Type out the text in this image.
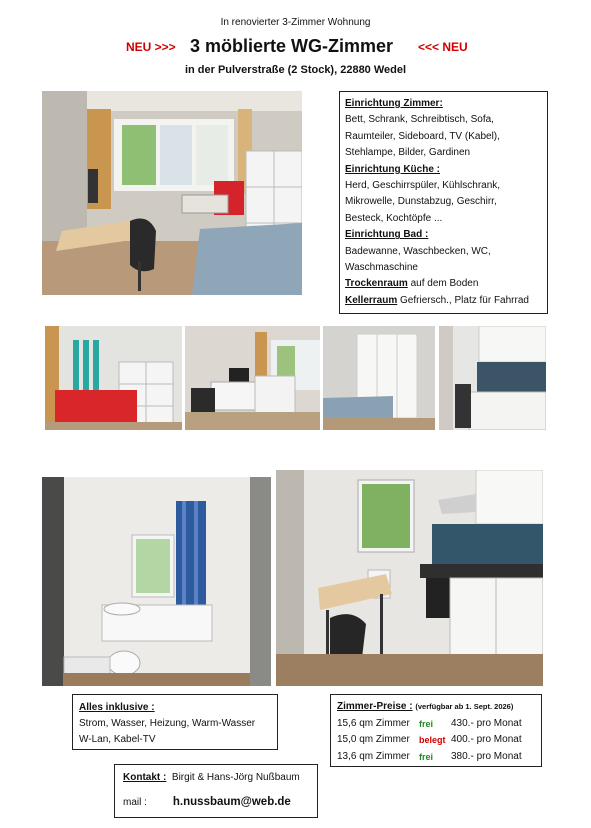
In renovierter 3-Zimmer Wohnung
NEU >>> 3 möblierte WG-Zimmer <<< NEU
in der Pulverstraße (2 Stock), 22880 Wedel
Einrichtung Zimmer:
Bett, Schrank, Schreibtisch, Sofa,
Raumteiler, Sideboard, TV (Kabel),
Stehlampe, Bilder, Gardinen
Einrichtung Küche :
Herd, Geschirrspüler, Kühlschrank,
Mikrowelle, Dunstabzug, Geschirr,
Besteck, Kochtöpfe ...
Einrichtung Bad :
Badewanne, Waschbecken, WC,
Waschmaschine
Trockenraum auf dem Boden
Kellerraum Gefriersch., Platz für Fahrrad
Alles inklusive :
Strom, Wasser, Heizung, Warm-Wasser
W-Lan, Kabel-TV
Zimmer-Preise : (verfügbar ab 1. Sept. 2026)
15,6 qm Zimmer frei 430.- pro Monat
15,0 qm Zimmer belegt 400.- pro Monat
13,6 qm Zimmer frei 380.- pro Monat
Kontakt : Birgit & Hans-Jörg Nußbaum
mail : h.nussbaum@web.de
